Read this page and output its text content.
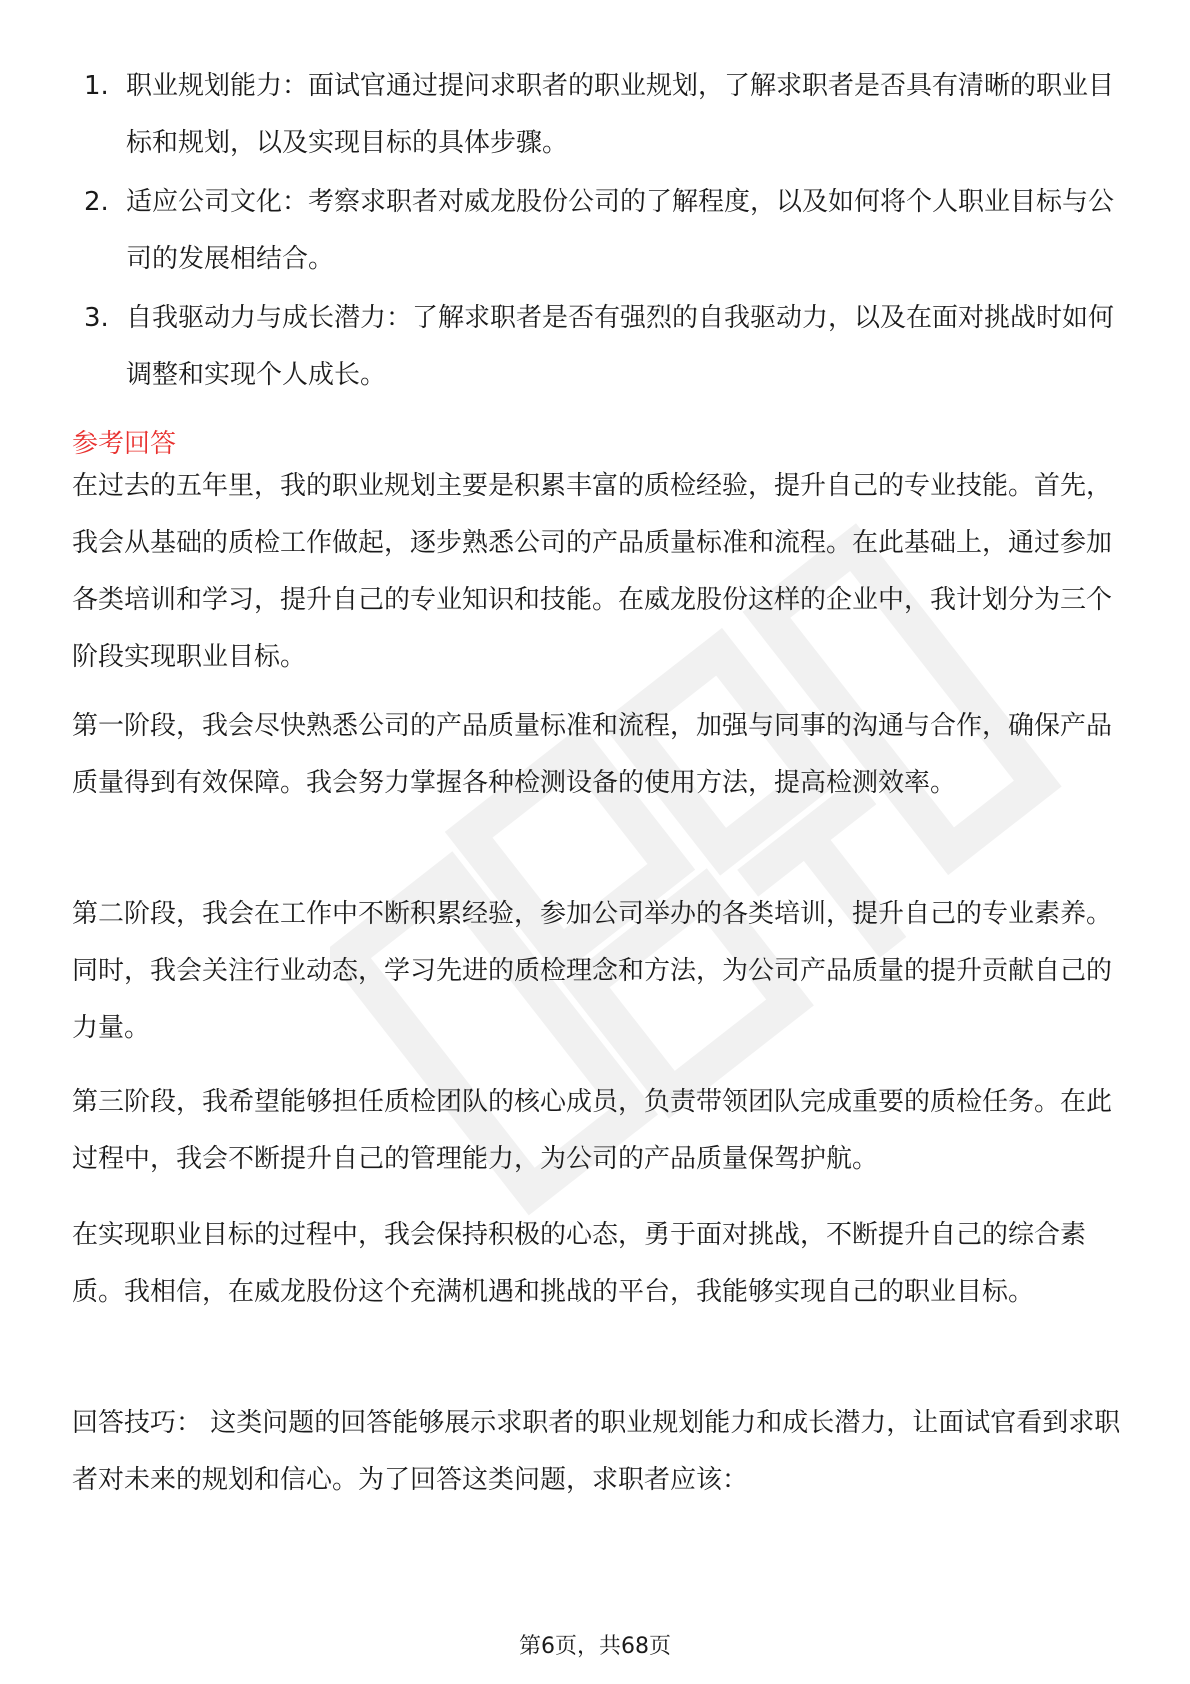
1. 职业规划能力：面试官通过提问求职者的职业规划，了解求职者是否具有清晰的职业目标和规划，以及实现目标的具体步骤。
2. 适应公司文化：考察求职者对威龙股份公司的了解程度，以及如何将个人职业目标与公司的发展相结合。
3. 自我驱动力与成长潜力：了解求职者是否有强烈的自我驱动力，以及在面对挑战时如何调整和实现个人成长。
参考回答

在过去的五年里，我的职业规划主要是积累丰富的质检经验，提升自己的专业技能。首先，我会从基础的质检工作做起，逐步熟悉公司的产品质量标准和流程。在此基础上，通过参加各类培训和学习，提升自己的专业知识和技能。在威龙股份这样的企业中，我计划分为三个阶段实现职业目标。

第一阶段，我会尽快熟悉公司的产品质量标准和流程，加强与同事的沟通与合作，确保产品质量得到有效保障。我会努力掌握各种检测设备的使用方法，提高检测效率。

第二阶段，我会在工作中不断积累经验，参加公司举办的各类培训，提升自己的专业素养。同时，我会关注行业动态，学习先进的质检理念和方法，为公司产品质量的提升贡献自己的力量。

第三阶段，我希望能够担任质检团队的核心成员，负责带领团队完成重要的质检任务。在此过程中，我会不断提升自己的管理能力，为公司的产品质量保驾护航。

在实现职业目标的过程中，我会保持积极的心态，勇于面对挑战，不断提升自己的综合素质。我相信，在威龙股份这个充满机遇和挑战的平台，我能够实现自己的职业目标。

回答技巧： 这类问题的回答能够展示求职者的职业规划能力和成长潜力，让面试官看到求职者对未来的规划和信心。为了回答这类问题，求职者应该：

第6页，共68页
